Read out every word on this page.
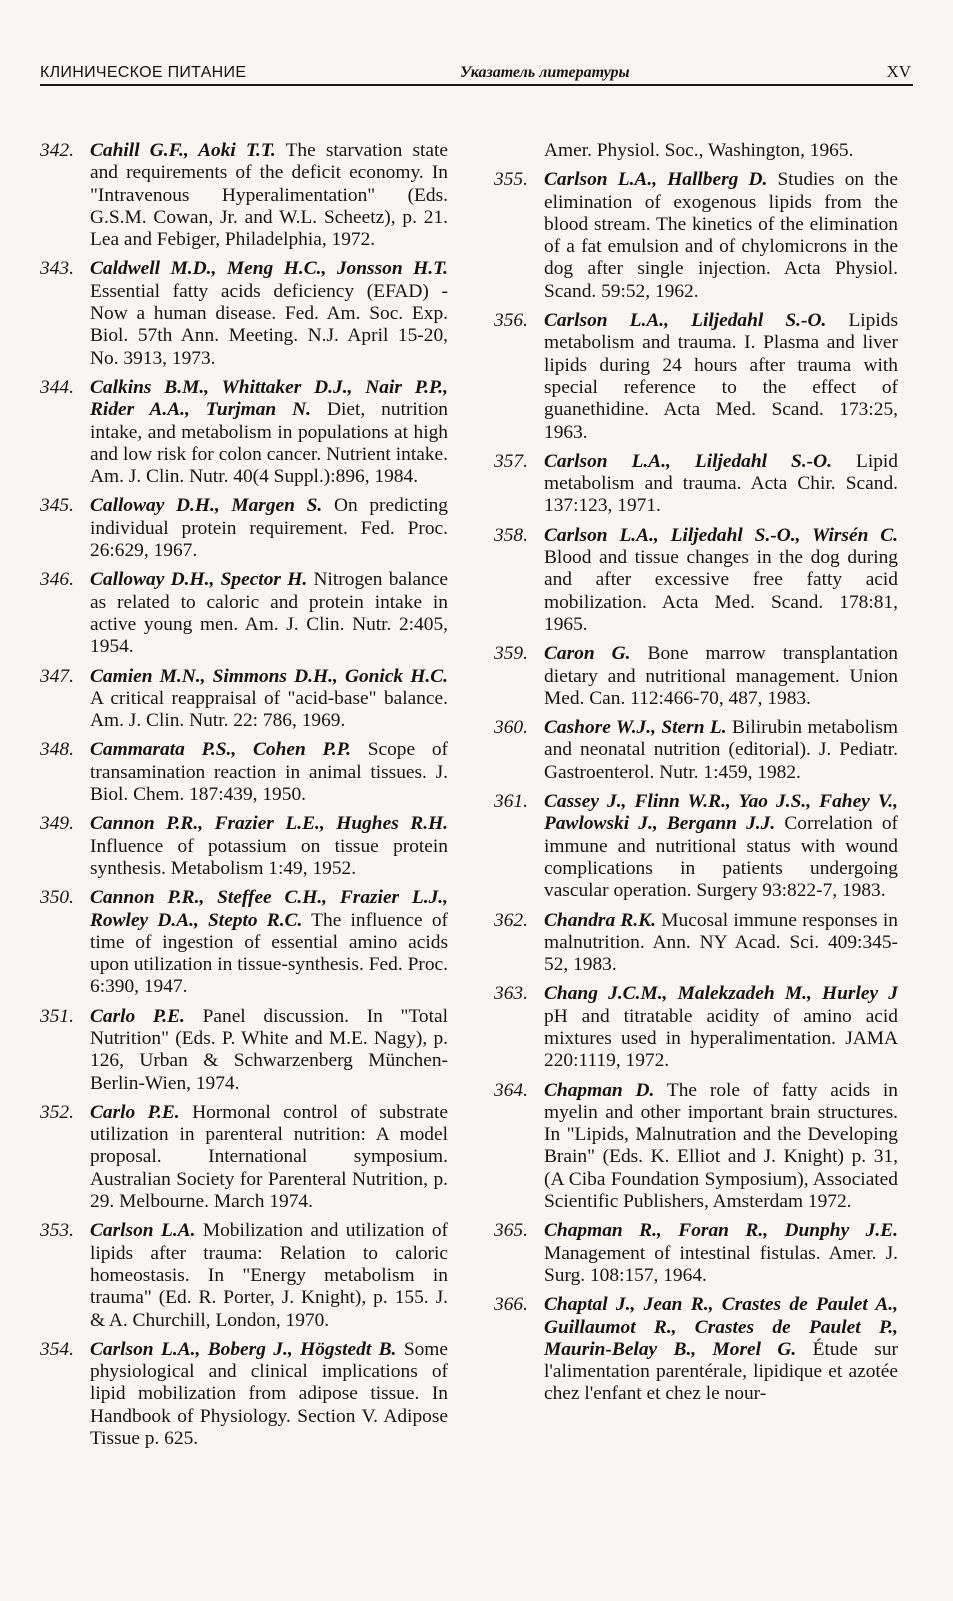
КЛИНИЧЕСКОЕ ПИТАНИЕ	Указатель литературы	XV
342. Cahill G.F., Aoki T.T. The starvation state and requirements of the deficit economy. In "Intravenous Hyperalimentation" (Eds. G.S.M. Cowan, Jr. and W.L. Scheetz), p. 21. Lea and Febiger, Philadelphia, 1972.
343. Caldwell M.D., Meng H.C., Jonsson H.T. Essential fatty acids deficiency (EFAD) - Now a human disease. Fed. Am. Soc. Exp. Biol. 57th Ann. Meeting. N.J. April 15-20, No. 3913, 1973.
344. Calkins B.M., Whittaker D.J., Nair P.P., Rider A.A., Turjman N. Diet, nutrition intake, and metabolism in populations at high and low risk for colon cancer. Nutrient intake. Am. J. Clin. Nutr. 40(4 Suppl.):896, 1984.
345. Calloway D.H., Margen S. On predicting individual protein requirement. Fed. Proc. 26:629, 1967.
346. Calloway D.H., Spector H. Nitrogen balance as related to caloric and protein intake in active young men. Am. J. Clin. Nutr. 2:405, 1954.
347. Camien M.N., Simmons D.H., Gonick H.C. A critical reappraisal of "acid-base" balance. Am. J. Clin. Nutr. 22: 786, 1969.
348. Cammarata P.S., Cohen P.P. Scope of transamination reaction in animal tissues. J. Biol. Chem. 187:439, 1950.
349. Cannon P.R., Frazier L.E., Hughes R.H. Influence of potassium on tissue protein synthesis. Metabolism 1:49, 1952.
350. Cannon P.R., Steffee C.H., Frazier L.J., Rowley D.A., Stepto R.C. The influence of time of ingestion of essential amino acids upon utilization in tissue-synthesis. Fed. Proc. 6:390, 1947.
351. Carlo P.E. Panel discussion. In "Total Nutrition" (Eds. P. White and M.E. Nagy), p. 126, Urban & Schwarzenberg München-Berlin-Wien, 1974.
352. Carlo P.E. Hormonal control of substrate utilization in parenteral nutrition: A model proposal. International symposium. Australian Society for Parenteral Nutrition, p. 29. Melbourne. March 1974.
353. Carlson L.A. Mobilization and utilization of lipids after trauma: Relation to caloric homeostasis. In "Energy metabolism in trauma" (Ed. R. Porter, J. Knight), p. 155. J. & A. Churchill, London, 1970.
354. Carlson L.A., Boberg J., Högstedt B. Some physiological and clinical implications of lipid mobilization from adipose tissue. In Handbook of Physiology. Section V. Adipose Tissue p. 625.
Amer. Physiol. Soc., Washington, 1965.
355. Carlson L.A., Hallberg D. Studies on the elimination of exogenous lipids from the blood stream. The kinetics of the elimination of a fat emulsion and of chylomicrons in the dog after single injection. Acta Physiol. Scand. 59:52, 1962.
356. Carlson L.A., Liljedahl S.-O. Lipids metabolism and trauma. I. Plasma and liver lipids during 24 hours after trauma with special reference to the effect of guanethidine. Acta Med. Scand. 173:25, 1963.
357. Carlson L.A., Liljedahl S.-O. Lipid metabolism and trauma. Acta Chir. Scand. 137:123, 1971.
358. Carlson L.A., Liljedahl S.-O., Wirsén C. Blood and tissue changes in the dog during and after excessive free fatty acid mobilization. Acta Med. Scand. 178:81, 1965.
359. Caron G. Bone marrow transplantation dietary and nutritional management. Union Med. Can. 112:466-70, 487, 1983.
360. Cashore W.J., Stern L. Bilirubin metabolism and neonatal nutrition (editorial). J. Pediatr. Gastroenterol. Nutr. 1:459, 1982.
361. Cassey J., Flinn W.R., Yao J.S., Fahey V., Pawlowski J., Bergann J.J. Correlation of immune and nutritional status with wound complications in patients undergoing vascular operation. Surgery 93:822-7, 1983.
362. Chandra R.K. Mucosal immune responses in malnutrition. Ann. NY Acad. Sci. 409:345-52, 1983.
363. Chang J.C.M., Malekzadeh M., Hurley J pH and titratable acidity of amino acid mixtures used in hyperalimentation. JAMA 220:1119, 1972.
364. Chapman D. The role of fatty acids in myelin and other important brain structures. In "Lipids, Malnutration and the Developing Brain" (Eds. K. Elliot and J. Knight) p. 31, (A Ciba Foundation Symposium), Associated Scientific Publishers, Amsterdam 1972.
365. Chapman R., Foran R., Dunphy J.E. Management of intestinal fistulas. Amer. J. Surg. 108:157, 1964.
366. Chaptal J., Jean R., Crastes de Paulet A., Guillaumot R., Crastes de Paulet P., Maurin-Belay B., Morel G. Étude sur l'alimentation parentérale, lipidique et azotée chez l'enfant et chez le nour-
